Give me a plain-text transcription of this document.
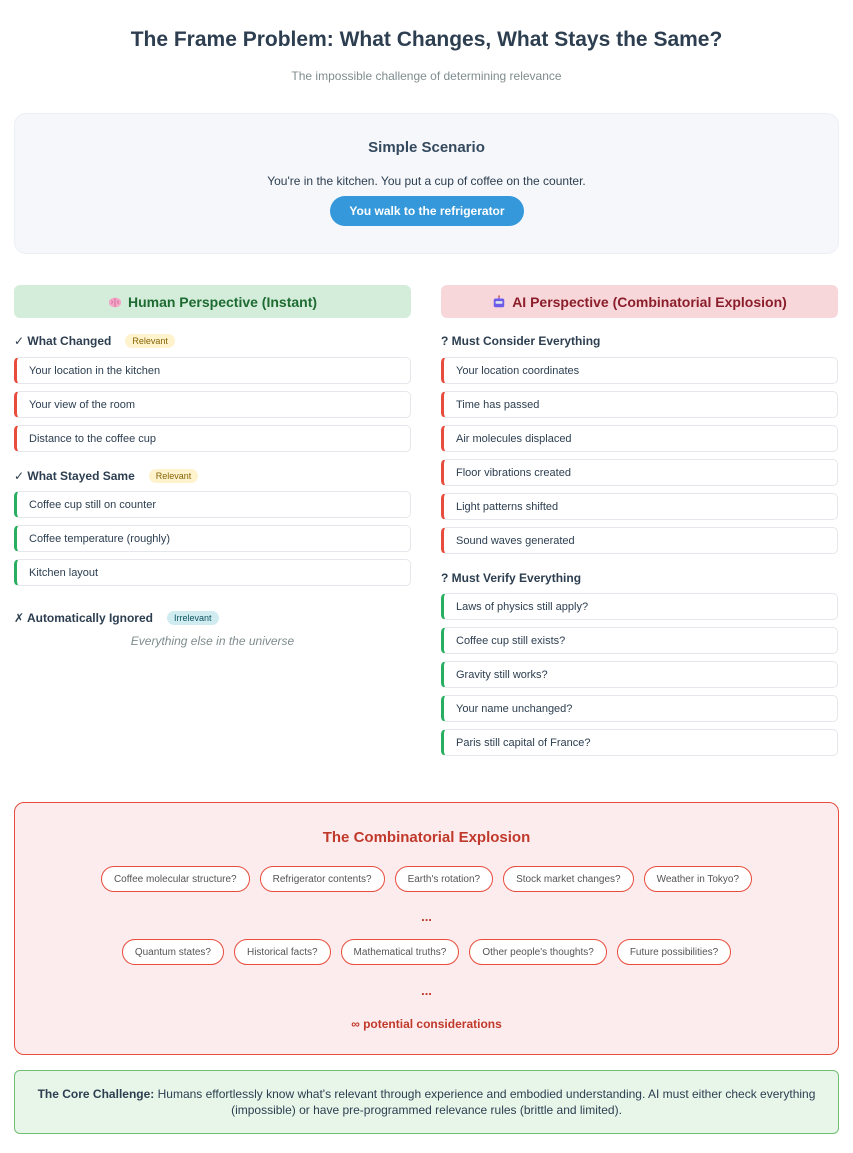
The Frame Problem: What Changes, What Stays the Same?
The impossible challenge of determining relevance
Simple Scenario
You're in the kitchen. You put a cup of coffee on the counter.
You walk to the refrigerator
Human Perspective (Instant)
✓ What Changed	Relevant
Your location in the kitchen
Your view of the room
Distance to the coffee cup
✓ What Stayed Same	Relevant
Coffee cup still on counter
Coffee temperature (roughly)
Kitchen layout
✗ Automatically Ignored	Irrelevant
Everything else in the universe
AI Perspective (Combinatorial Explosion)
? Must Consider Everything
Your location coordinates
Time has passed
Air molecules displaced
Floor vibrations created
Light patterns shifted
Sound waves generated
? Must Verify Everything
Laws of physics still apply?
Coffee cup still exists?
Gravity still works?
Your name unchanged?
Paris still capital of France?
The Combinatorial Explosion
Coffee molecular structure?	Refrigerator contents?	Earth's rotation?	Stock market changes?	Weather in Tokyo?
...
Quantum states?	Historical facts?	Mathematical truths?	Other people's thoughts?	Future possibilities?
...
∞ potential considerations

The Core Challenge: Humans effortlessly know what's relevant through experience and embodied understanding. AI must either check everything (impossible) or have pre-programmed relevance rules (brittle and limited).
